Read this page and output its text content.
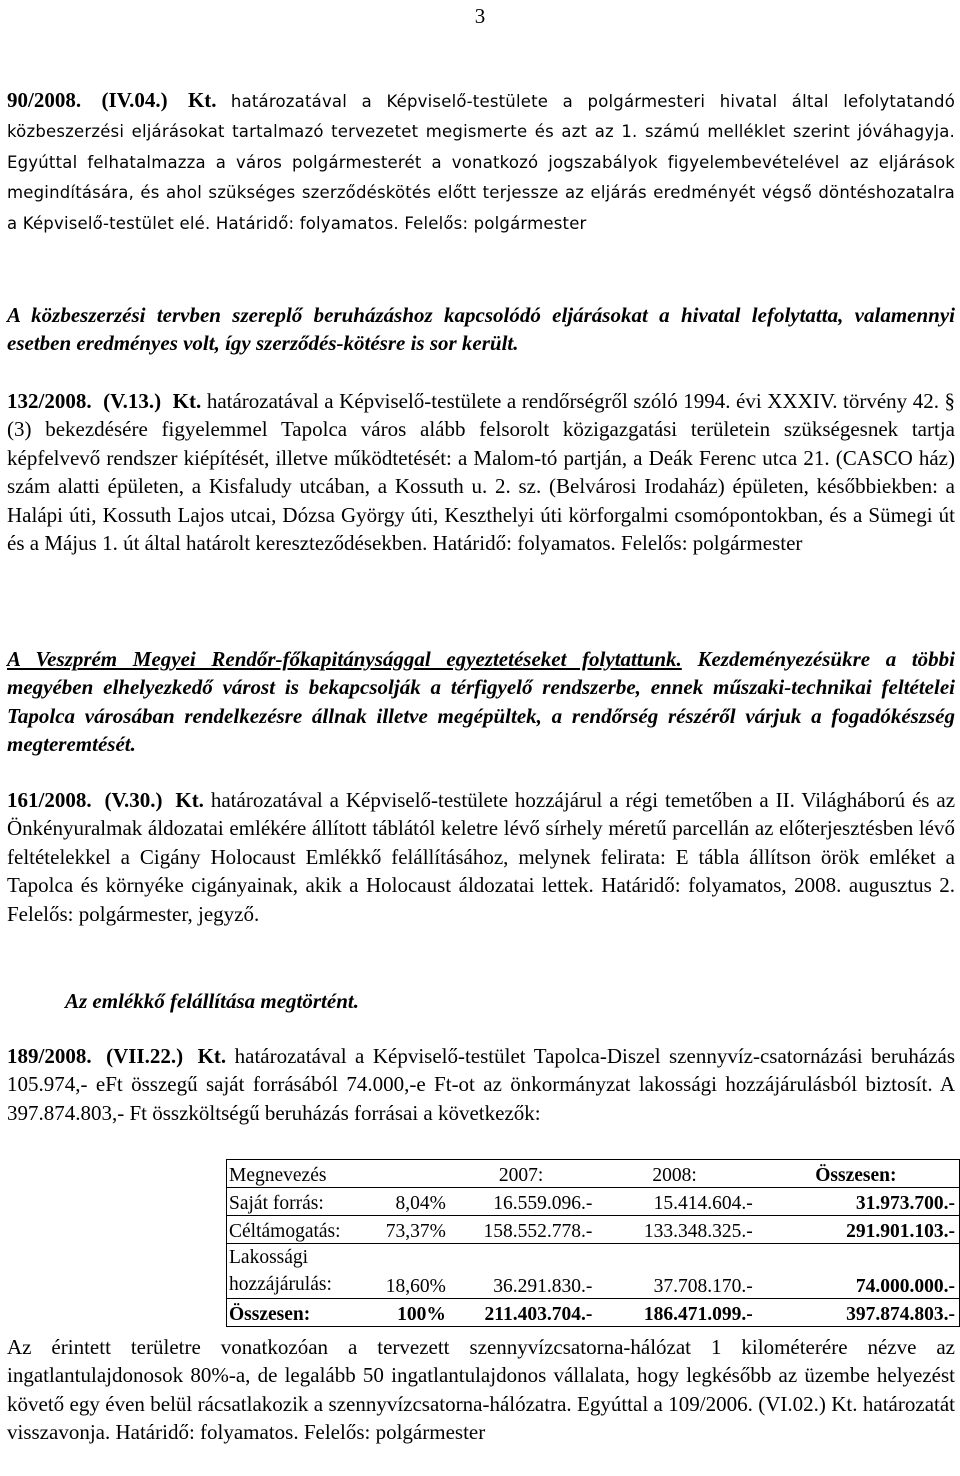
3

90/2008. (IV.04.) Kt. határozatával a Képviselő-testülete a polgármesteri hivatal által lefolytatandó közbeszerzési eljárásokat tartalmazó tervezetet megismerte és azt az 1. számú melléklet szerint jóváhagyja. Egyúttal felhatalmazza a város polgármesterét a vonatkozó jogszabályok figyelembevételével az eljárások megindítására, és ahol szükséges szerződéskötés előtt terjessze az eljárás eredményét végső döntéshozatalra a Képviselő-testület elé. Határidő: folyamatos. Felelős: polgármester

A közbeszerzési tervben szereplő beruházáshoz kapcsolódó eljárásokat a hivatal lefolytatta, valamennyi esetben eredményes volt, így szerződés-kötésre is sor került.

132/2008. (V.13.) Kt. határozatával a Képviselő-testülete a rendőrségről szóló 1994. évi XXXIV. törvény 42. § (3) bekezdésére figyelemmel Tapolca város alább felsorolt közigazgatási területein szükségesnek tartja képfelvevő rendszer kiépítését, illetve működtetését: a Malom-tó partján, a Deák Ferenc utca 21. (CASCO ház) szám alatti épületen, a Kisfaludy utcában, a Kossuth u. 2. sz. (Belvárosi Irodaház) épületen, későbbiekben: a Halápi úti, Kossuth Lajos utcai, Dózsa György úti, Keszthelyi úti körforgalmi csomópontokban, és a Sümegi út és a Május 1. út által határolt kereszteződésekben. Határidő: folyamatos. Felelős: polgármester

A Veszprém Megyei Rendőr-főkapitánysággal egyeztetéseket folytattunk. Kezdeményezésükre a többi megyében elhelyezkedő várost is bekapcsolják a térfigyelő rendszerbe, ennek műszaki-technikai feltételei Tapolca városában rendelkezésre állnak illetve megépültek, a rendőrség részéről várjuk a fogadókészség megteremtését.

161/2008. (V.30.) Kt. határozatával a Képviselő-testülete hozzájárul a régi temetőben a II. Világháború és az Önkényuralmak áldozatai emlékére állított táblától keletre lévő sírhely méretű parcellán az előterjesztésben lévő feltételekkel a Cigány Holocaust Emlékkő felállításához, melynek felirata: E tábla állítson örök emléket a Tapolca és környéke cigányainak, akik a Holocaust áldozatai lettek. Határidő: folyamatos, 2008. augusztus 2. Felelős: polgármester, jegyző.

Az emlékkő felállítása megtörtént.

189/2008. (VII.22.) Kt. határozatával a Képviselő-testület Tapolca-Diszel szennyvíz-csatornázási beruházás 105.974,- eFt összegű saját forrásából 74.000,-e Ft-ot az önkormányzat lakossági hozzájárulásból biztosít. A 397.874.803,- Ft összköltségű beruházás forrásai a következők:

Megnevezés		2007:	2008:	Összesen:
Saját forrás:	8,04%	16.559.096.-	15.414.604.-	31.973.700.-
Céltámogatás:	73,37%	158.552.778.-	133.348.325.-	291.901.103.-
Lakossági
hozzájárulás:	18,60%	36.291.830.-	37.708.170.-	74.000.000.-
Összesen:	100%	211.403.704.-	186.471.099.-	397.874.803.-

Az érintett területre vonatkozóan a tervezett szennyvízcsatorna-hálózat 1 kilométerére nézve az ingatlantulajdonosok 80%-a, de legalább 50 ingatlantulajdonos vállalata, hogy legkésőbb az üzembe helyezést követő egy éven belül rácsatlakozik a szennyvízcsatorna-hálózatra. Egyúttal a 109/2006. (VI.02.) Kt. határozatát visszavonja. Határidő: folyamatos. Felelős: polgármester
